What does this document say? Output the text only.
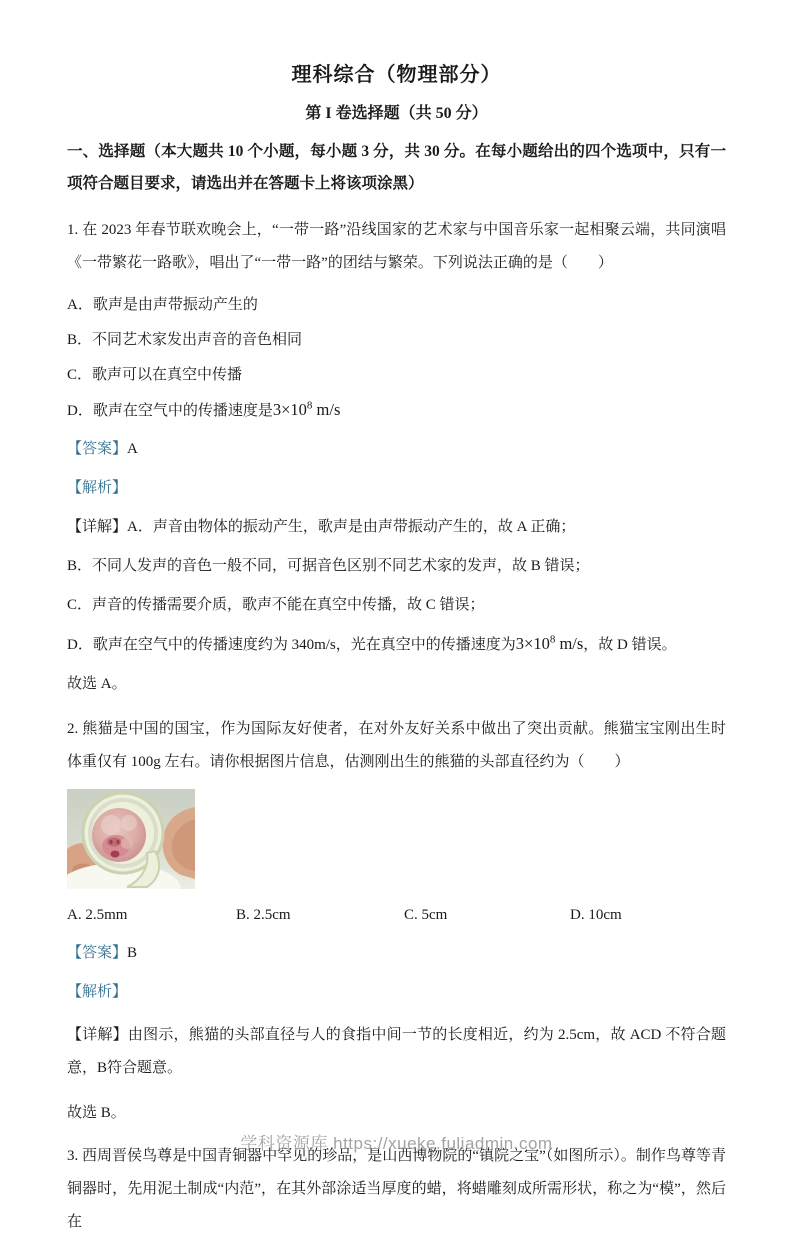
理科综合（物理部分）
第 I 卷选择题（共 50 分）
一、选择题（本大题共 10 个小题，每小题 3 分，共 30 分。在每小题给出的四个选项中，只有一项符合题目要求，请选出并在答题卡上将该项涂黑）

1. 在 2023 年春节联欢晚会上，“一带一路”沿线国家的艺术家与中国音乐家一起相聚云端，共同演唱《一带繁花一路歌》，唱出了“一带一路”的团结与繁荣。下列说法正确的是（　　）

A．歌声是由声带振动产生的

B．不同艺术家发出声音的音色相同

C．歌声可以在真空中传播

D．歌声在空气中的传播速度是$3\times 10^8$ m/s

【答案】A

【解析】

【详解】A．声音由物体的振动产生，歌声是由声带振动产生的，故 A 正确；

B．不同人发声的音色一般不同，可据音色区别不同艺术家的发声，故 B 错误；

C．声音的传播需要介质，歌声不能在真空中传播，故 C 错误；

D．歌声在空气中的传播速度约为 340m/s，光在真空中的传播速度为$3\times 10^8$ m/s，故 D 错误。

故选 A。

2. 熊猫是中国的国宝，作为国际友好使者，在对外友好关系中做出了突出贡献。熊猫宝宝刚出生时体重仅有 100g 左右。请你根据图片信息，估测刚出生的熊猫的头部直径约为（　　）

A. 2.5mm	B. 2.5cm	C. 5cm	D. 10cm

【答案】B

【解析】

【详解】由图示，熊猫的头部直径与人的食指中间一节的长度相近，约为 2.5cm，故 ACD 不符合题意，B符合题意。

故选 B。

3. 西周晋侯鸟尊是中国青铜器中罕见的珍品，是山西博物院的“镇院之宝”（如图所示）。制作鸟尊等青铜器时，先用泥土制成“内范”，在其外部涂适当厚度的蜡，将蜡雕刻成所需形状，称之为“模”，然后在

学科资源库 https://xueke.fuliadmin.com
